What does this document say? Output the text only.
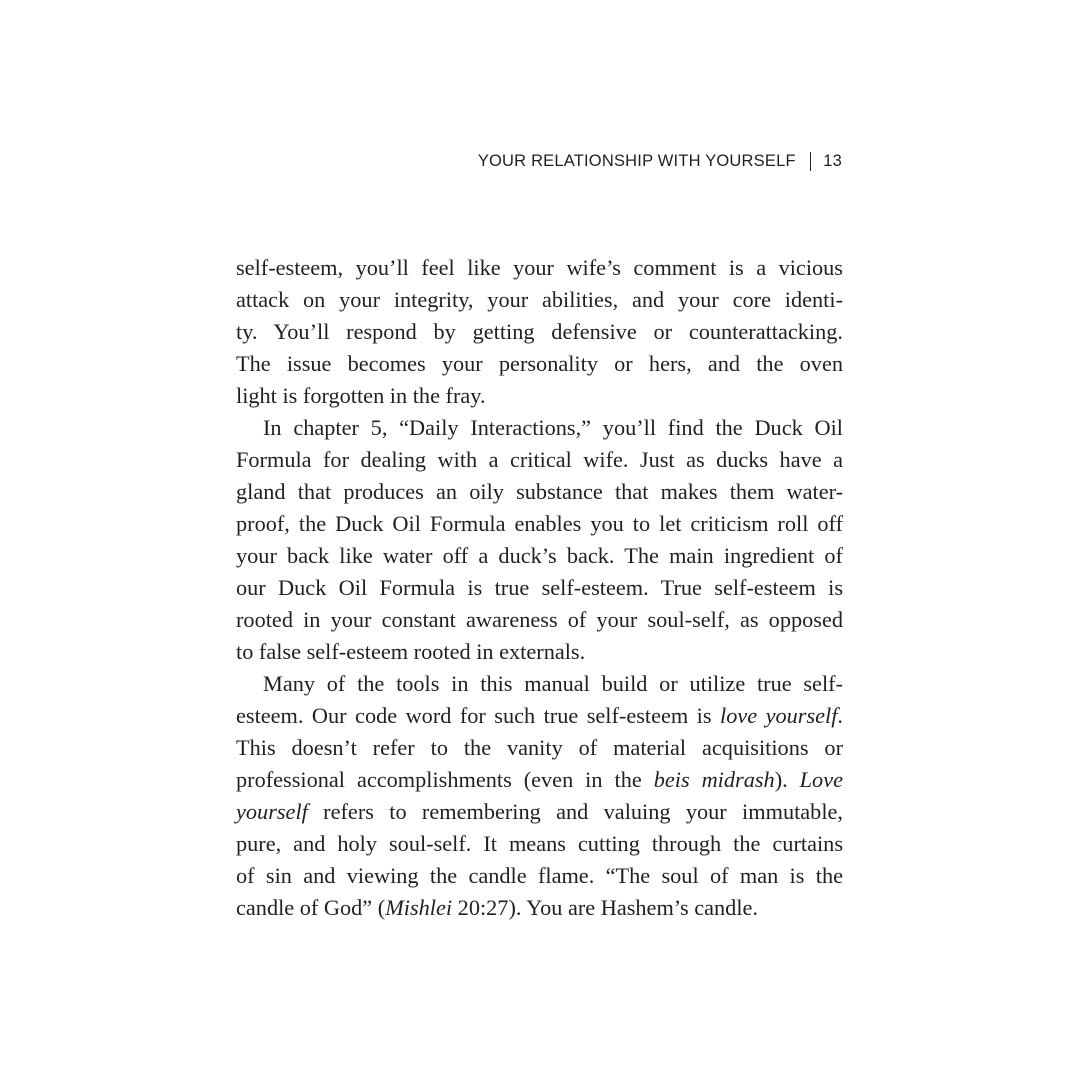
YOUR RELATIONSHIP WITH YOURSELF 13
self-esteem, you’ll feel like your wife’s comment is a vicious
attack on your integrity, your abilities, and your core identi-
ty. You’ll respond by getting defensive or counterattacking.
The issue becomes your personality or hers, and the oven
light is forgotten in the fray.
In chapter 5, “Daily Interactions,” you’ll find the Duck Oil
Formula for dealing with a critical wife. Just as ducks have a
gland that produces an oily substance that makes them water-
proof, the Duck Oil Formula enables you to let criticism roll off
your back like water off a duck’s back. The main ingredient of
our Duck Oil Formula is true self-esteem. True self-esteem is
rooted in your constant awareness of your soul-self, as opposed
to false self-esteem rooted in externals.
Many of the tools in this manual build or utilize true self-
esteem. Our code word for such true self-esteem is love yourself.
This doesn’t refer to the vanity of material acquisitions or
professional accomplishments (even in the beis midrash). Love
yourself refers to remembering and valuing your immutable,
pure, and holy soul-self. It means cutting through the curtains
of sin and viewing the candle flame. “The soul of man is the
candle of God” (Mishlei 20:27). You are Hashem’s candle.
